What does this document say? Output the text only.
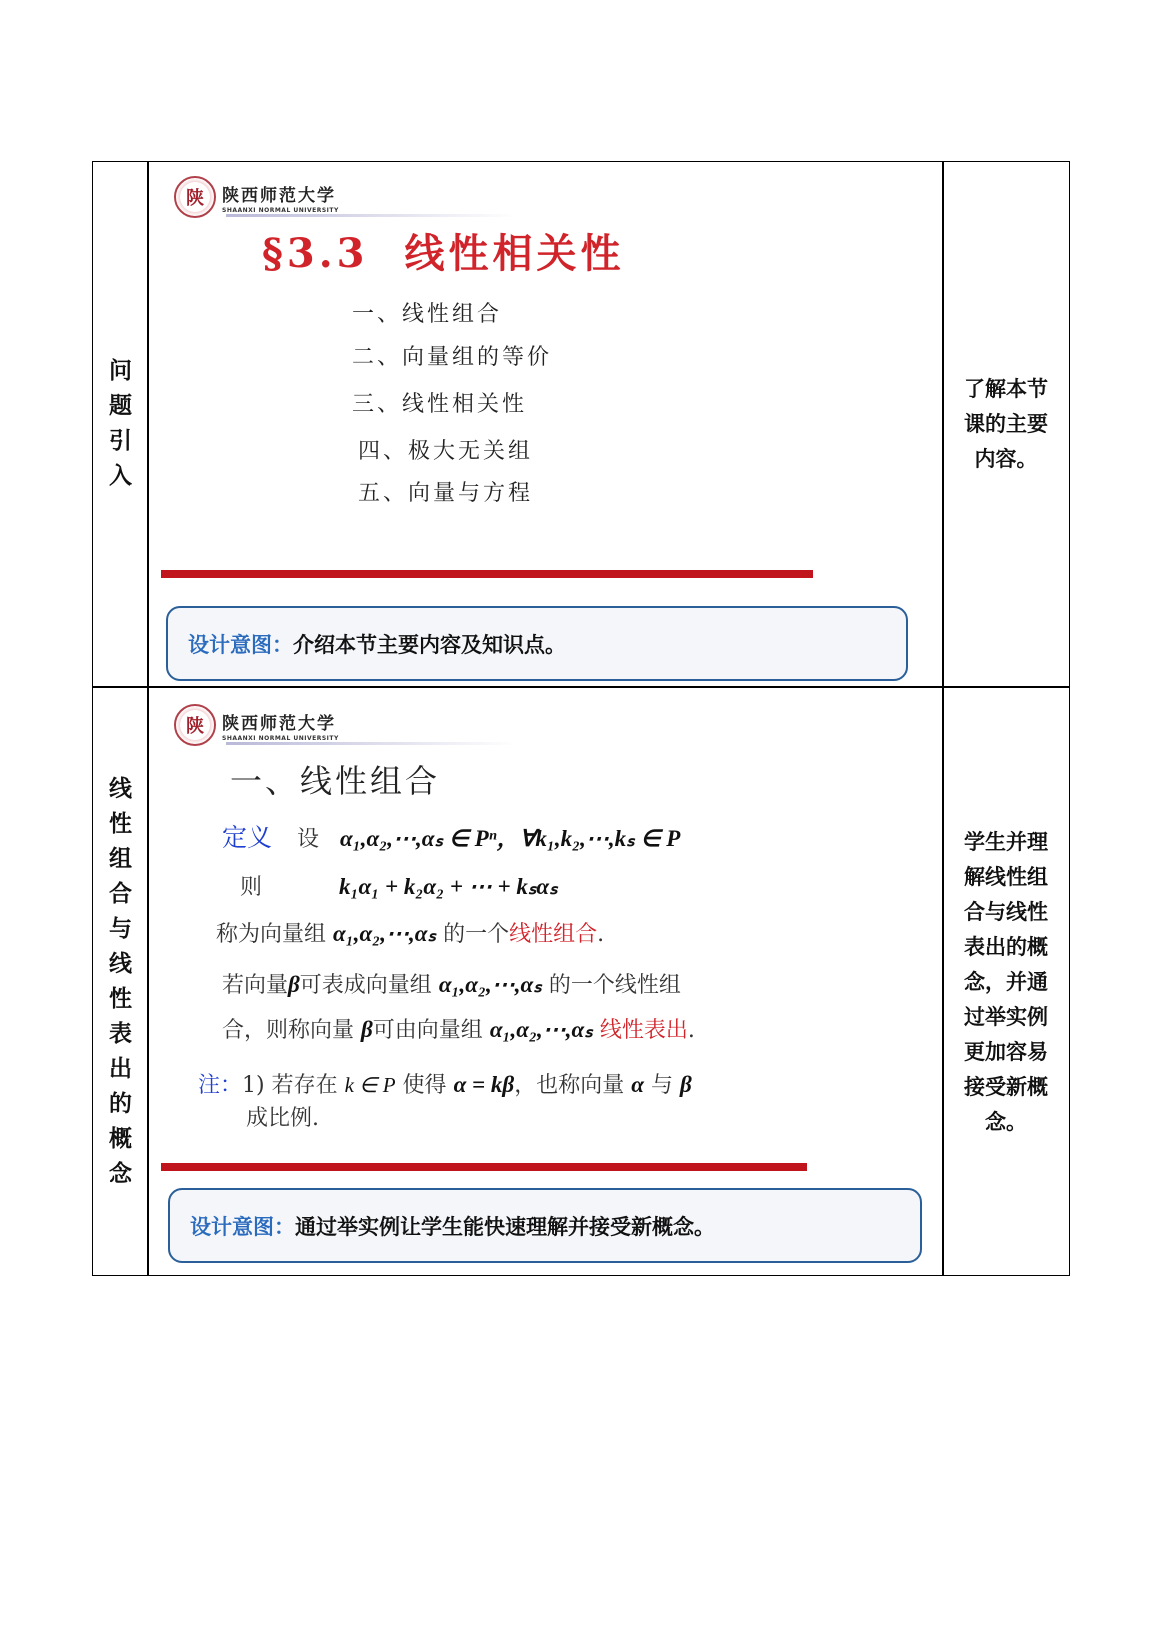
问
题
引
入
了解本节课的主要内容。
线
性
组
合
与
线
性
表
出
的
概
念
学生并理解线性组合与线性表出的概念，并通过举实例更加容易接受新概念。
陕 陕西师范大学
SHAANXI NORMAL UNIVERSITY
§3.3 线性相关性
一、线性组合
二、向量组的等价
三、线性相关性
四、极大无关组
五、向量与方程
设计意图： 介绍本节主要内容及知识点。
陕 陕西师范大学
SHAANXI NORMAL UNIVERSITY
一、线性组合
定义 设 α₁,α₂,⋯,αₛ ∈ Pⁿ，∀k₁,k₂,⋯,kₛ ∈ P
则	k₁α₁ + k₂α₂ + ⋯ + kₛαₛ
称为向量组 α₁,α₂,⋯,αₛ 的一个线性组合.
若向量β可表成向量组 α₁,α₂,⋯,αₛ 的一个线性组
合，则称向量 β可由向量组 α₁,α₂,⋯,αₛ 线性表出.
注：1) 若存在 k ∈ P 使得 α = kβ，也称向量 α 与 β
成比例.
设计意图： 通过举实例让学生能快速理解并接受新概念。
